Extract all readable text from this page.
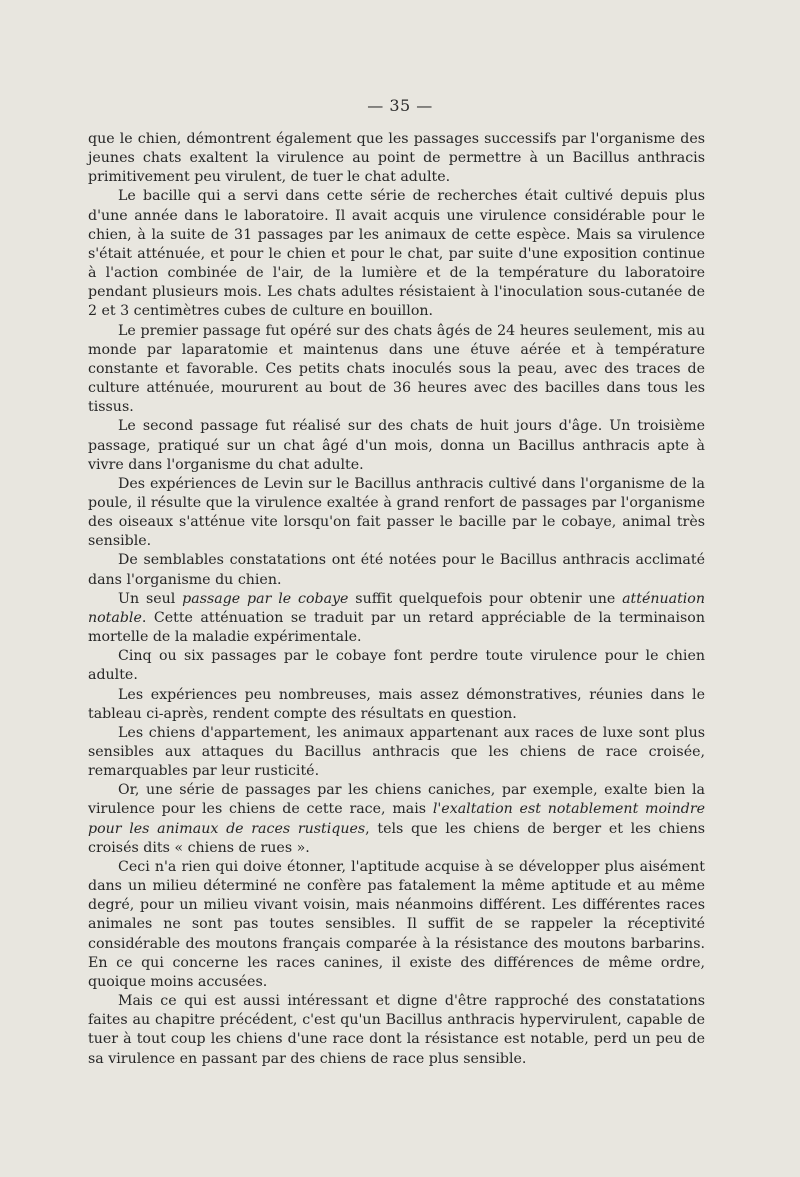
— 35 —

que le chien, démontrent également que les passages successifs par l'organisme des jeunes chats exaltent la virulence au point de permettre à un Bacillus anthracis primitivement peu virulent, de tuer le chat adulte.

Le bacille qui a servi dans cette série de recherches était cultivé depuis plus d'une année dans le laboratoire. Il avait acquis une virulence considérable pour le chien, à la suite de 31 passages par les animaux de cette espèce. Mais sa virulence s'était atténuée, et pour le chien et pour le chat, par suite d'une exposition continue à l'action combinée de l'air, de la lumière et de la température du laboratoire pendant plusieurs mois. Les chats adultes résistaient à l'inoculation sous-cutanée de 2 et 3 centimètres cubes de culture en bouillon.

Le premier passage fut opéré sur des chats âgés de 24 heures seulement, mis au monde par laparatomie et maintenus dans une étuve aérée et à température constante et favorable. Ces petits chats inoculés sous la peau, avec des traces de culture atténuée, moururent au bout de 36 heures avec des bacilles dans tous les tissus.

Le second passage fut réalisé sur des chats de huit jours d'âge. Un troisième passage, pratiqué sur un chat âgé d'un mois, donna un Bacillus anthracis apte à vivre dans l'organisme du chat adulte.

Des expériences de Levin sur le Bacillus anthracis cultivé dans l'organisme de la poule, il résulte que la virulence exaltée à grand renfort de passages par l'organisme des oiseaux s'atténue vite lorsqu'on fait passer le bacille par le cobaye, animal très sensible.

De semblables constatations ont été notées pour le Bacillus anthracis acclimaté dans l'organisme du chien.

Un seul passage par le cobaye suffit quelquefois pour obtenir une atténuation notable. Cette atténuation se traduit par un retard appréciable de la terminaison mortelle de la maladie expérimentale.

Cinq ou six passages par le cobaye font perdre toute virulence pour le chien adulte.

Les expériences peu nombreuses, mais assez démonstratives, réunies dans le tableau ci-après, rendent compte des résultats en question.

Les chiens d'appartement, les animaux appartenant aux races de luxe sont plus sensibles aux attaques du Bacillus anthracis que les chiens de race croisée, remarquables par leur rusticité.

Or, une série de passages par les chiens caniches, par exemple, exalte bien la virulence pour les chiens de cette race, mais l'exaltation est notablement moindre pour les animaux de races rustiques, tels que les chiens de berger et les chiens croisés dits « chiens de rues ».

Ceci n'a rien qui doive étonner, l'aptitude acquise à se développer plus aisément dans un milieu déterminé ne confère pas fatalement la même aptitude et au même degré, pour un milieu vivant voisin, mais néanmoins différent. Les différentes races animales ne sont pas toutes sensibles. Il suffit de se rappeler la réceptivité considérable des moutons français comparée à la résistance des moutons barbarins. En ce qui concerne les races canines, il existe des différences de même ordre, quoique moins accusées.

Mais ce qui est aussi intéressant et digne d'être rapproché des constatations faites au chapitre précédent, c'est qu'un Bacillus anthracis hypervirulent, capable de tuer à tout coup les chiens d'une race dont la résistance est notable, perd un peu de sa virulence en passant par des chiens de race plus sensible.
